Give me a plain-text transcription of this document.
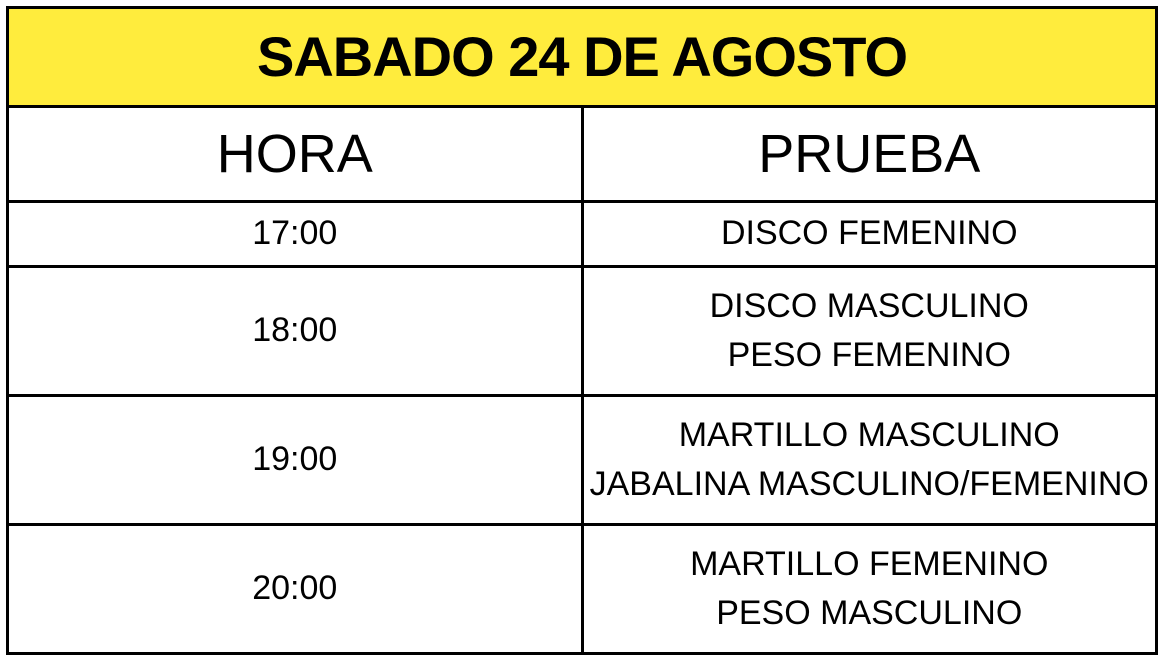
SABADO 24 DE AGOSTO	
HORA	PRUEBA
17:00	DISCO FEMENINO

18:00	DISCO MASCULINO
PESO FEMENINO

19:00	MARTILLO MASCULINO
JABALINA MASCULINO/FEMENINO

20:00	MARTILLO FEMENINO
PESO MASCULINO
